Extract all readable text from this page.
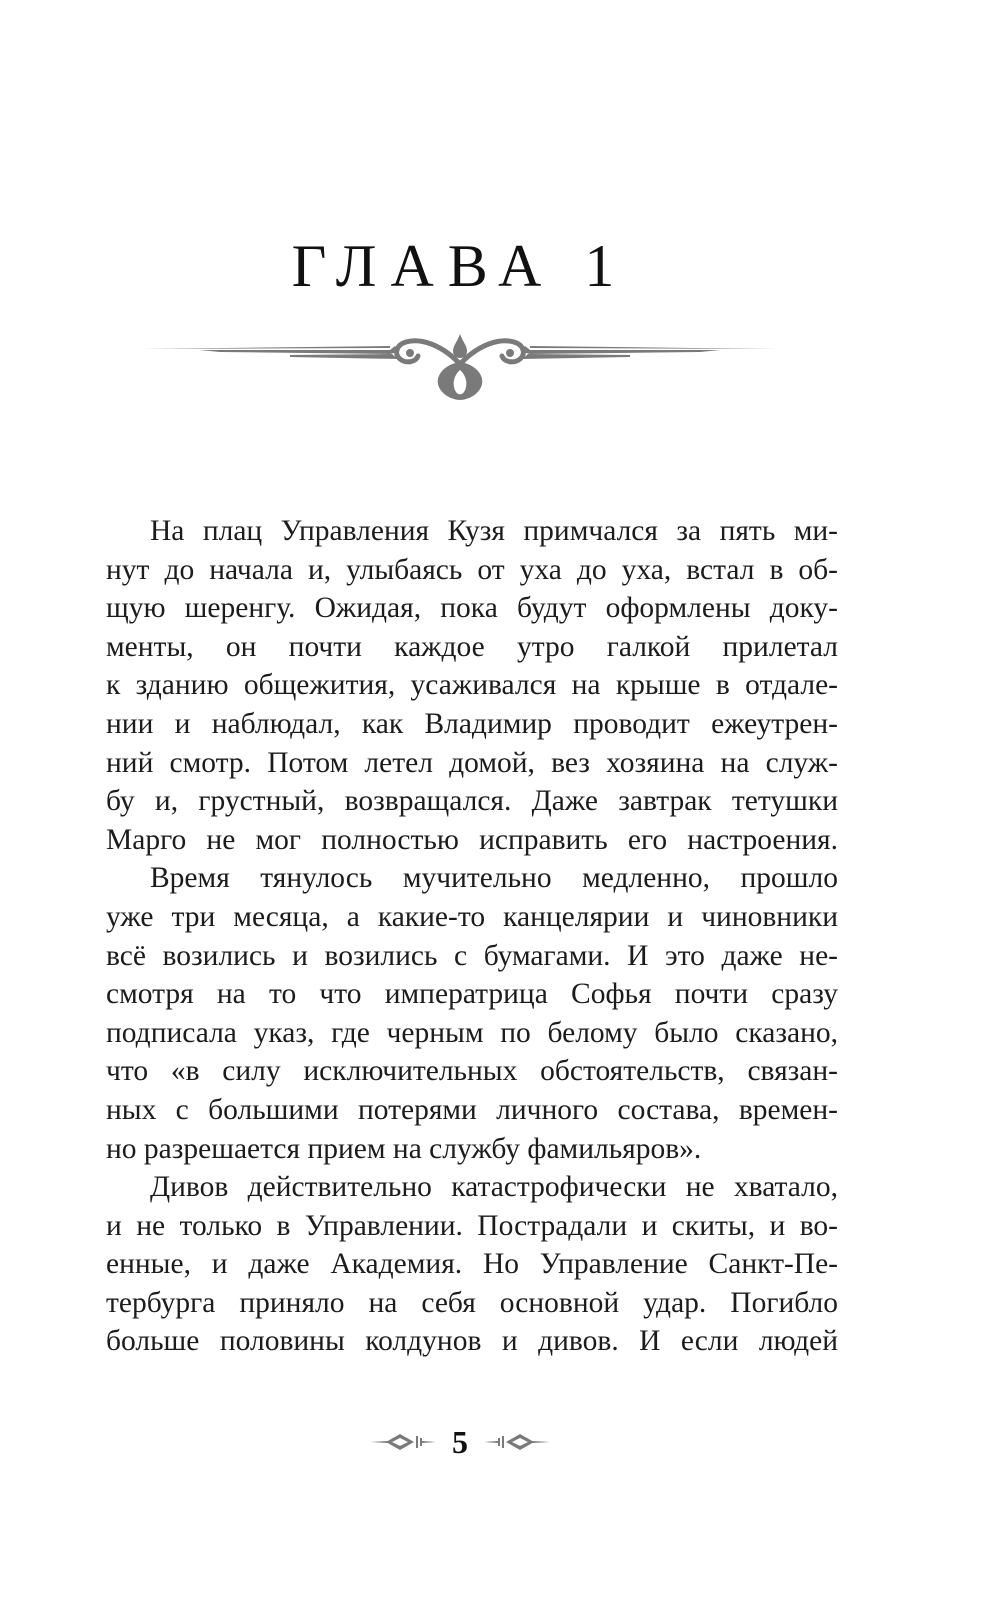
ГЛАВА 1
На плац Управления Кузя примчался за пять ми-
нут до начала и, улыбаясь от уха до уха, встал в об-
щую шеренгу. Ожидая, пока будут оформлены доку-
менты, он почти каждое утро галкой прилетал
к зданию общежития, усаживался на крыше в отдале-
нии и наблюдал, как Владимир проводит ежеутрен-
ний смотр. Потом летел домой, вез хозяина на служ-
бу и, грустный, возвращался. Даже завтрак тетушки
Марго не мог полностью исправить его настроения.
Время тянулось мучительно медленно, прошло
уже три месяца, а какие-то канцелярии и чиновники
всё возились и возились с бумагами. И это даже не-
смотря на то что императрица Софья почти сразу
подписала указ, где черным по белому было сказано,
что «в силу исключительных обстоятельств, связан-
ных с большими потерями личного состава, времен-
но разрешается прием на службу фамильяров».
Дивов действительно катастрофически не хватало,
и не только в Управлении. Пострадали и скиты, и во-
енные, и даже Академия. Но Управление Санкт-Пе-
тербурга приняло на себя основной удар. Погибло
больше половины колдунов и дивов. И если людей
5
